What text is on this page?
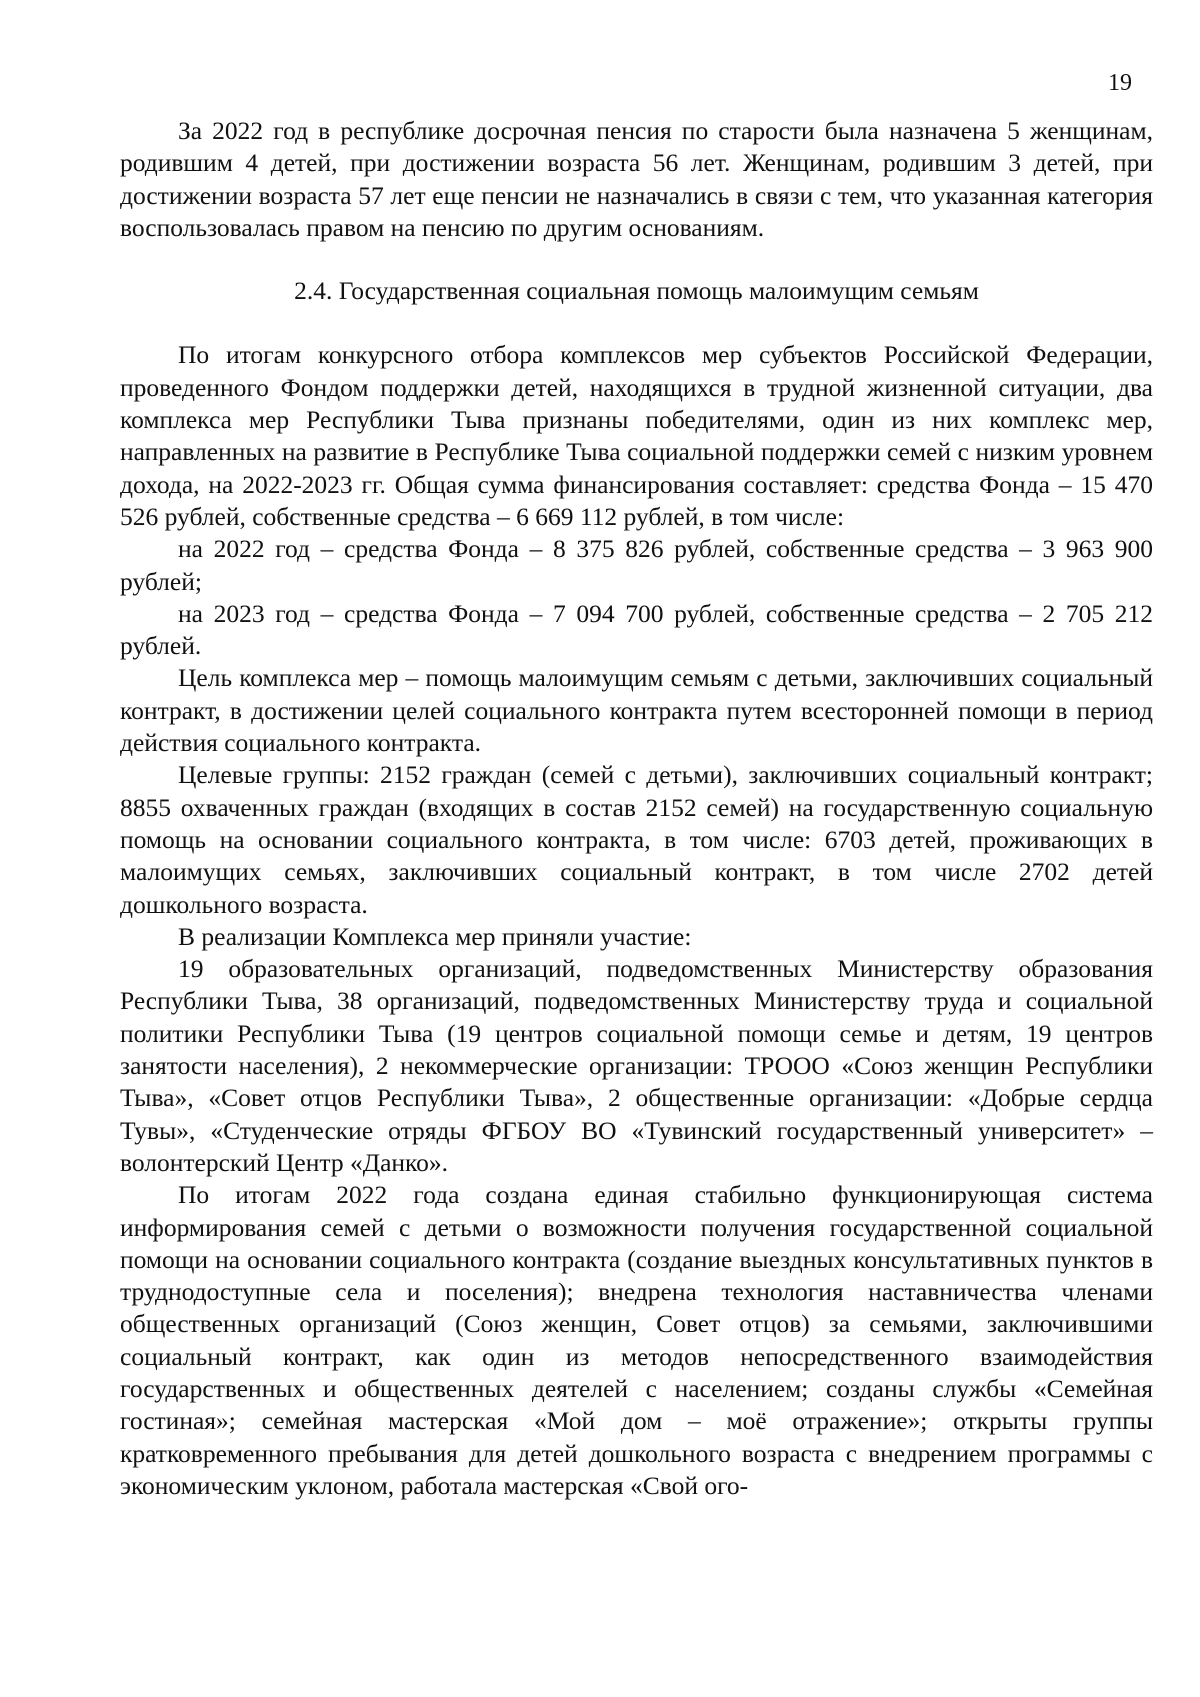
19

За 2022 год в республике досрочная пенсия по старости была назначена 5 женщинам, родившим 4 детей, при достижении возраста 56 лет. Женщинам, родившим 3 детей, при достижении возраста 57 лет еще пенсии не назначались в связи с тем, что указанная категория воспользовалась правом на пенсию по другим основаниям.

2.4. Государственная социальная помощь малоимущим семьям

По итогам конкурсного отбора комплексов мер субъектов Российской Федерации, проведенного Фондом поддержки детей, находящихся в трудной жизненной ситуации, два комплекса мер Республики Тыва признаны победителями, один из них комплекс мер, направленных на развитие в Республике Тыва социальной поддержки семей с низким уровнем дохода, на 2022-2023 гг. Общая сумма финансирования составляет: средства Фонда – 15 470 526 рублей, собственные средства – 6 669 112 рублей, в том числе:

на 2022 год – средства Фонда – 8 375 826 рублей, собственные средства – 3 963 900 рублей;

на 2023 год – средства Фонда – 7 094 700 рублей, собственные средства – 2 705 212 рублей.

Цель комплекса мер – помощь малоимущим семьям с детьми, заключивших социальный контракт, в достижении целей социального контракта путем всесторонней помощи в период действия социального контракта.

Целевые группы: 2152 граждан (семей с детьми), заключивших социальный контракт; 8855 охваченных граждан (входящих в состав 2152 семей) на государственную социальную помощь на основании социального контракта, в том числе: 6703 детей, проживающих в малоимущих семьях, заключивших социальный контракт, в том числе 2702 детей дошкольного возраста.

В реализации Комплекса мер приняли участие:

19 образовательных организаций, подведомственных Министерству образования Республики Тыва, 38 организаций, подведомственных Министерству труда и социальной политики Республики Тыва (19 центров социальной помощи семье и детям, 19 центров занятости населения), 2 некоммерческие организации: ТРООО «Союз женщин Республики Тыва», «Совет отцов Республики Тыва», 2 общественные организации: «Добрые сердца Тувы», «Студенческие отряды ФГБОУ ВО «Тувинский государственный университет» – волонтерский Центр «Данко».

По итогам 2022 года создана единая стабильно функционирующая система информирования семей с детьми о возможности получения государственной социальной помощи на основании социального контракта (создание выездных консультативных пунктов в труднодоступные села и поселения); внедрена технология наставничества членами общественных организаций (Союз женщин, Совет отцов) за семьями, заключившими социальный контракт, как один из методов непосредственного взаимодействия государственных и общественных деятелей с населением; созданы службы «Семейная гостиная»; семейная мастерская «Мой дом – моё отражение»; открыты группы кратковременного пребывания для детей дошкольного возраста с внедрением программы с экономическим уклоном, работала мастерская «Свой ого-
